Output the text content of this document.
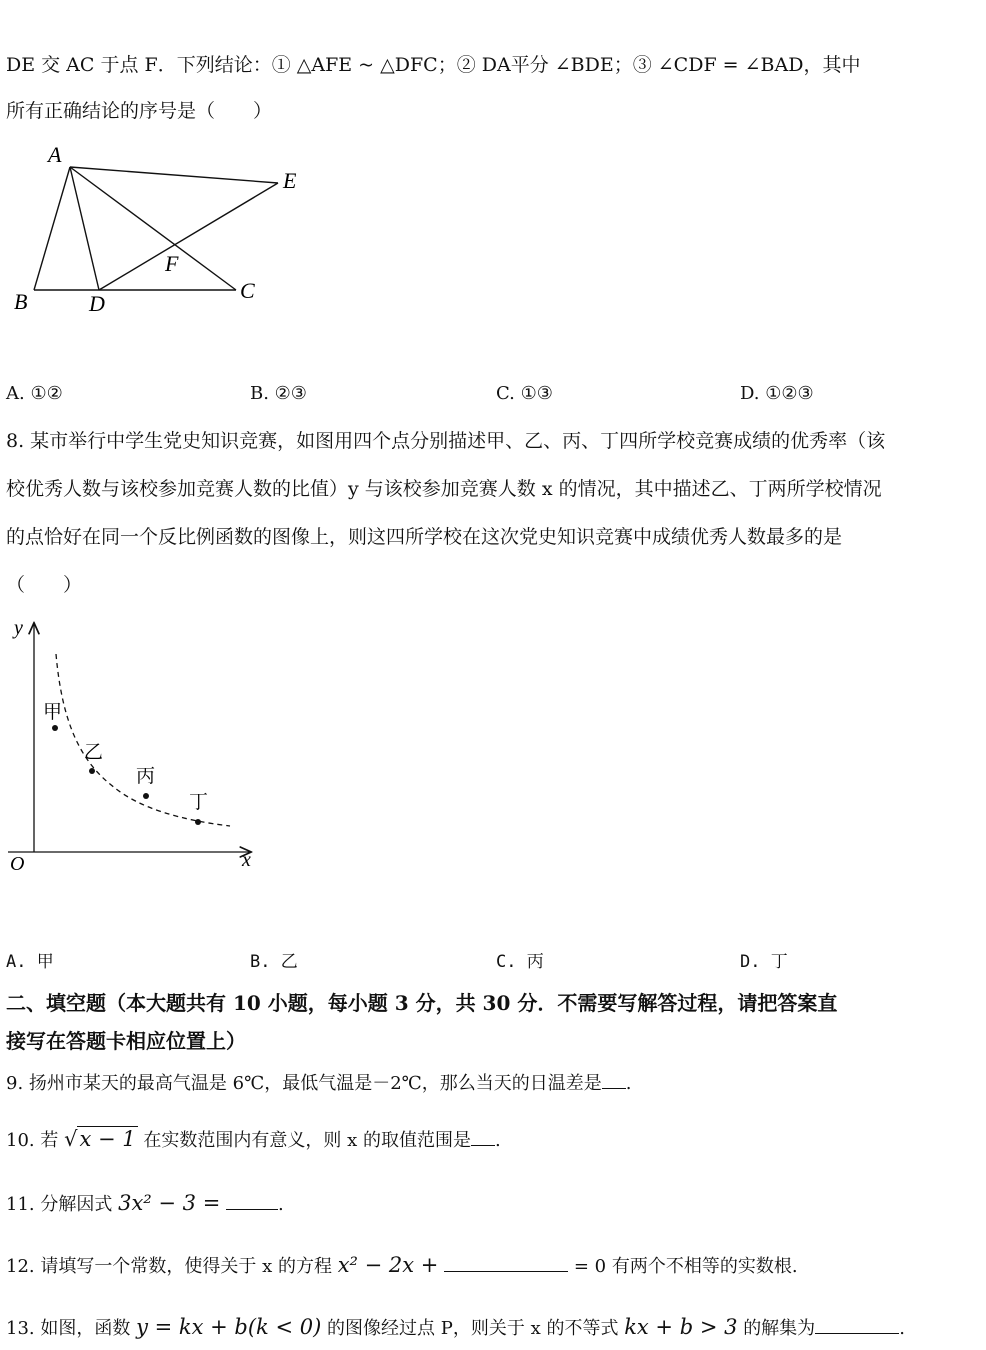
DE 交 AC 于点 F．下列结论：① △AFE ~ △DFC；② DA平分 ∠BDE；③ ∠CDF = ∠BAD，其中
所有正确结论的序号是（　　）
A
E
F
B	D
C
A. ①②	B. ②③	C. ①③	D. ①②③
8. 某市举行中学生党史知识竞赛，如图用四个点分别描述甲、乙、丙、丁四所学校竞赛成绩的优秀率（该
校优秀人数与该校参加竞赛人数的比值）y 与该校参加竞赛人数 x 的情况，其中描述乙、丁两所学校情况
的点恰好在同一个反比例函数的图像上，则这四所学校在这次党史知识竞赛中成绩优秀人数最多的是
（　　）
y
x
O
甲
乙
丙
丁
A. 甲	B. 乙	C. 丙	D. 丁
二、填空题（本大题共有 10 小题，每小题 3 分，共 30 分．不需要写解答过程，请把答案直
接写在答题卡相应位置上）
9. 扬州市某天的最高气温是 6℃，最低气温是－2℃，那么当天的日温差是 .
10. 若 √x − 1 在实数范围内有意义，则 x 的取值范围是 .
11. 分解因式 3x² − 3 =	.
12. 请填写一个常数，使得关于 x 的方程 x² − 2x +	= 0 有两个不相等的实数根.
13. 如图，函数 y = kx + b(k < 0) 的图像经过点 P，则关于 x 的不等式 kx + b > 3 的解集为	.
